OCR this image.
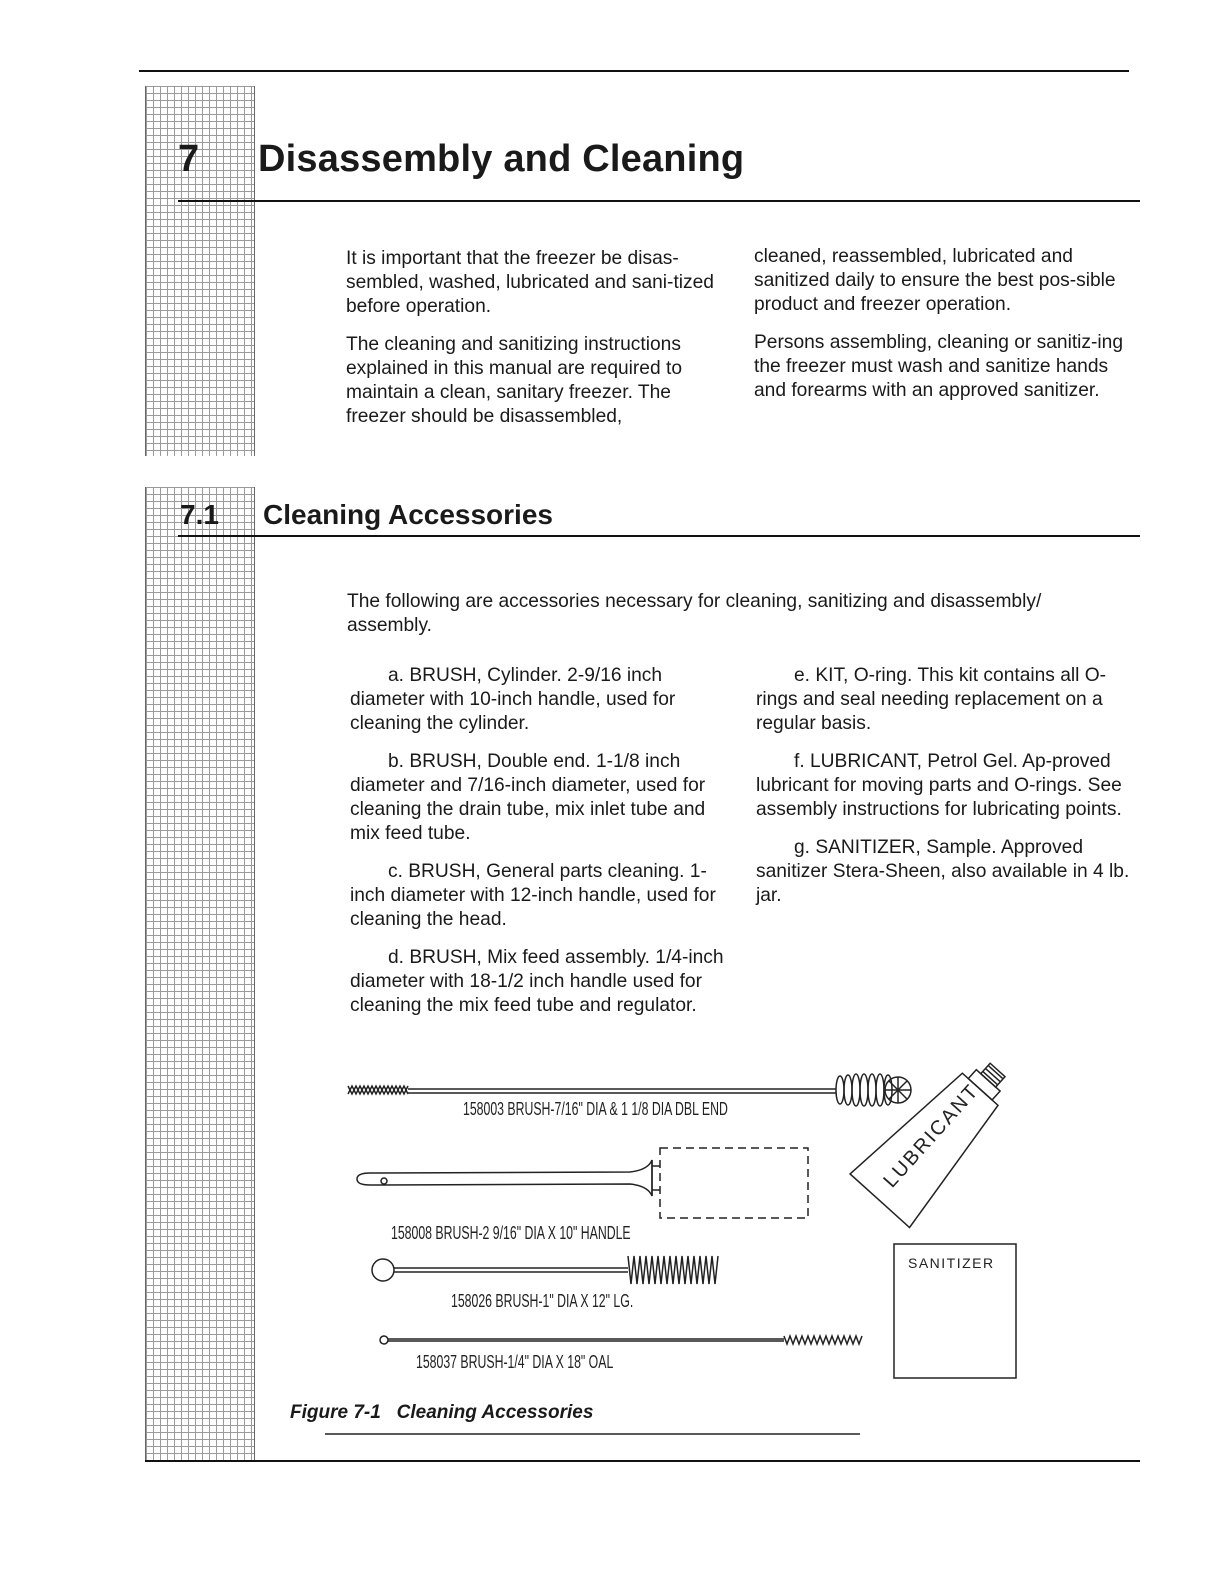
7 Disassembly and Cleaning

It is important that the freezer be disas-sembled, washed, lubricated and sani-tized before operation.

The cleaning and sanitizing instructions explained in this manual are required to maintain a clean, sanitary freezer. The freezer should be disassembled,

cleaned, reassembled, lubricated and sanitized daily to ensure the best pos-sible product and freezer operation.

Persons assembling, cleaning or sanitiz-ing the freezer must wash and sanitize hands and forearms with an approved sanitizer.

7.1 Cleaning Accessories
The following are accessories necessary for cleaning, sanitizing and disassembly/ assembly.

a. BRUSH, Cylinder. 2-9/16 inch diameter with 10-inch handle, used for cleaning the cylinder.

b. BRUSH, Double end. 1-1/8 inch diameter and 7/16-inch diameter, used for cleaning the drain tube, mix inlet tube and mix feed tube.

c. BRUSH, General parts cleaning. 1-inch diameter with 12-inch handle, used for cleaning the head.

d. BRUSH, Mix feed assembly. 1/4-inch diameter with 18-1/2 inch handle used for cleaning the mix feed tube and regulator.

e. KIT, O-ring. This kit contains all O-rings and seal needing replacement on a regular basis.

f. LUBRICANT, Petrol Gel. Ap-proved lubricant for moving parts and O-rings. See assembly instructions for lubricating points.

g. SANITIZER, Sample. Approved sanitizer Stera-Sheen, also available in 4 lb. jar.

158003 BRUSH-7/16" DIA & 1 1/8 DIA DBL END
158008 BRUSH-2 9/16" DIA X 10" HANDLE
158026 BRUSH-1" DIA X 12" LG.
158037 BRUSH-1/4" DIA X 18" OAL
LUBRICANT
SANITIZER
Figure 7-1   Cleaning Accessories
